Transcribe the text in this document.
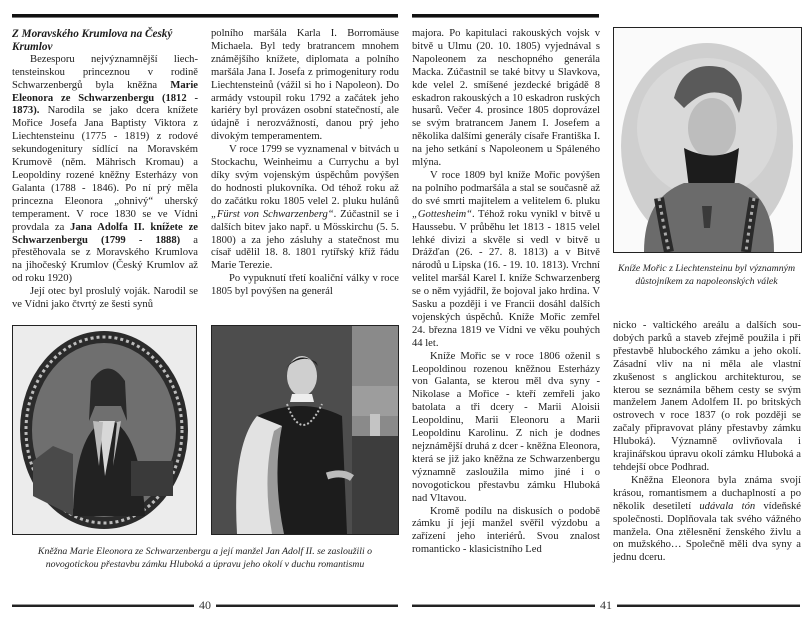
Z Moravského Krumlova na Český Krumlov

Bezesporu nejvýznamnější liechtensteinskou princeznou v rodině Schwarzenbergů byla kněžna Marie Eleonora ze Schwarzenbergu (1812 - 1873). Narodila se jako dcera knížete Mořice Josefa Jana Baptisty Viktora z Liechtensteinu (1775 - 1819) z rodové sekundogenitury sídlící na Moravském Krumově (něm. Mährisch Kromau) a Leopoldiny rozené kněžny Esterházy von Galanta (1788 - 1846). Po ní prý měla princezna Eleonora „ohnivý“ uherský temperament. V roce 1830 se ve Vídni provdala za Jana Adolfa II. knížete ze Schwarzenbergu (1799 - 1888) a přestěhovala se z Moravského Krumlova na jihočeský Krumlov (Český Krumlov až od roku 1920)

Její otec byl proslulý voják. Narodil se ve Vídni jako čtvrtý ze šesti synů

polního maršála Karla I. Borromäuse Michaela. Byl tedy bratrancem mnohem známějšího knížete, diplomata a polního maršála Jana I. Josefa z primogenitury rodu Liechtensteinů (vážil si ho i Napoleon). Do armády vstoupil roku 1792 a začátek jeho kariéry byl provázen osobní statečností, ale údajně i nerozvážností, danou prý jeho divokým temperamentem.

V roce 1799 se vyznamenal v bitvách u Stockachu, Weinheimu a Currychu a byl díky svým vojenským úspěchům povýšen do hodnosti plukovníka. Od téhož roku až do začátku roku 1805 velel 2. pluku hulánů „Fürst von Schwarzenberg“. Zúčastnil se i dalších bitev jako např. u Mösskirchu (5. 5. 1800) a za jeho zásluhy a statečnost mu císař udělil 18. 8. 1801 rytířský kříž řádu Marie Terezie.

Po vypuknutí třetí koaliční války v roce 1805 byl povýšen na generál

Kněžna Marie Eleonora ze Schwarzenbergu a její manžel Jan Adolf II. se zasloužili o novogotickou přestavbu zámku Hluboká a úpravu jeho okolí v duchu romantismu
40

majora. Po kapitulaci rakouských vojsk v bitvě u Ulmu (20. 10. 1805) vyjednával s Napoleonem za neschopného generála Macka. Zúčastnil se také bitvy u Slavkova, kde velel 2. smíšené jezdecké brigádě 8 eskadron rakouských a 10 eskadron ruských husarů. Večer 4. prosince 1805 doprovázel se svým bratrancem Janem I. Josefem a několika dalšími generály císaře Františka I. na jeho setkání s Napoleonem u Spáleného mlýna.

V roce 1809 byl kníže Mořic povýšen na polního podmaršála a stal se současně až do své smrti majitelem a velitelem 6. pluku „Gottesheim“. Téhož roku vynikl v bitvě u Haussebu. V průběhu let 1813 - 1815 velel lehké divizi a skvěle si vedl v bitvě u Drážďan (26. - 27. 8. 1813) a v Bitvě národů u Lipska (16. - 19. 10. 1813). Vrchní velitel maršál Karel I. kníže Schwarzenberg se o něm vyjádřil, že bojoval jako hrdina. V Sasku a později i ve Francii dosáhl dalších vojenských úspěchů. Kníže Mořic zemřel 24. března 1819 ve Vídni ve věku pouhých 44 let.

Kníže Mořic se v roce 1806 oženil s Leopoldinou rozenou kněžnou Esterházy von Galanta, se kterou měl dva syny - Nikolase a Mořice - kteří zemřeli jako batolata a tři dcery - Marii Aloisii Leopoldinu, Marii Eleonoru a Marii Leopoldinu Karolinu. Z nich je dodnes nejznámější druhá z dcer - kněžna Eleonora, která se již jako kněžna ze Schwarzenbergu významně zasloužila mimo jiné i o novogotickou přestavbu zámku Hluboká nad Vltavou.

Kromě podílu na diskusích o podobě zámku jí její manžel svěřil výzdobu a zařízení jeho interiérů. Svou znalost romanticko - klasicistního Led

Kníže Mořic z Liechtensteinu byl významným důstojníkem za napoleonských válek

nicko - valtického areálu a dalších soudobých parků a staveb zřejmě použila i při přestavbě hlubockého zámku a jeho okolí. Zásadní vliv na ni měla ale vlastní zkušenost s anglickou architekturou, se kterou se seznámila během cesty se svým manželem Janem Adolfem II. po britských ostrovech v roce 1837 (o rok později se začaly připravovat plány přestavby zámku Hluboká). Významně ovlivňovala i krajinářskou úpravu okolí zámku Hluboká a tehdejší obce Podhrad.

Kněžna Eleonora byla známa svojí krásou, romantismem a duchaplností a po několik desetiletí udávala tón vídeňské společnosti. Doplňovala tak svého vážného manžela. Ona ztělesnění ženského živlu a on mužského… Společně měli dva syny a jednu dceru.

41
